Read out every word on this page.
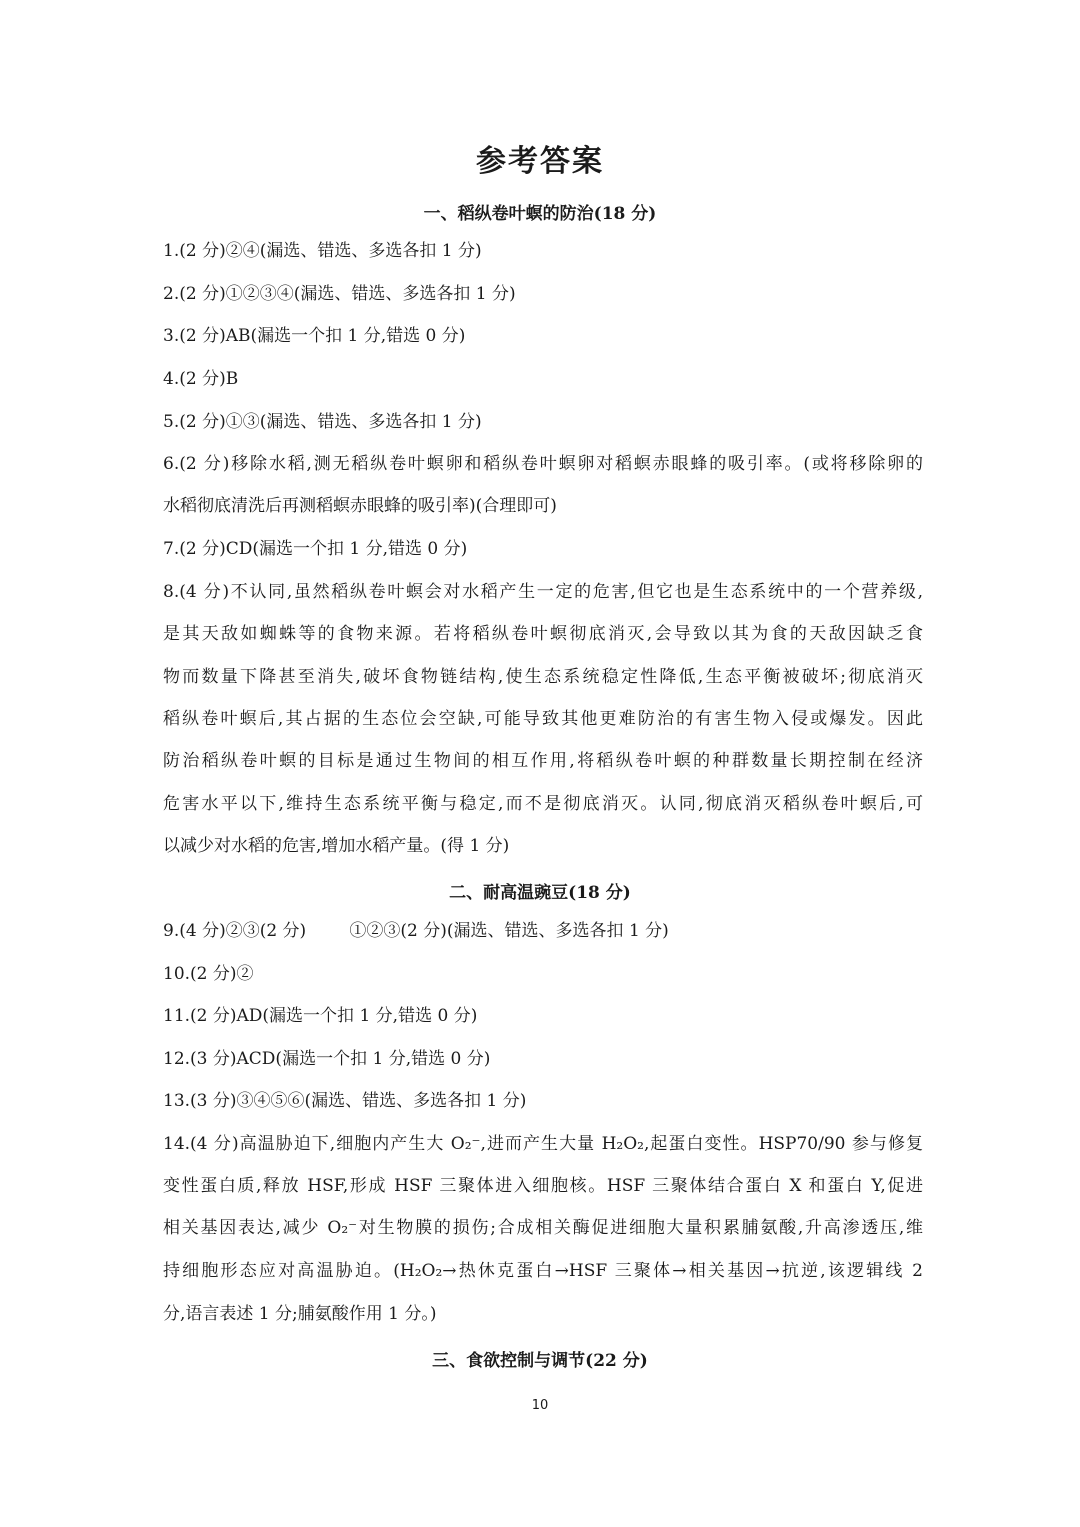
参考答案
一、稻纵卷叶螟的防治(18 分)
1.(2 分)②④(漏选、错选、多选各扣 1 分)
2.(2 分)①②③④(漏选、错选、多选各扣 1 分)
3.(2 分)AB(漏选一个扣 1 分,错选 0 分)
4.(2 分)B
5.(2 分)①③(漏选、错选、多选各扣 1 分)
6.(2 分)移除水稻,测无稻纵卷叶螟卵和稻纵卷叶螟卵对稻螟赤眼蜂的吸引率。(或将移除卵的
水稻彻底清洗后再测稻螟赤眼蜂的吸引率)(合理即可)
7.(2 分)CD(漏选一个扣 1 分,错选 0 分)
8.(4 分)不认同,虽然稻纵卷叶螟会对水稻产生一定的危害,但它也是生态系统中的一个营养级,
是其天敌如蜘蛛等的食物来源。若将稻纵卷叶螟彻底消灭,会导致以其为食的天敌因缺乏食
物而数量下降甚至消失,破坏食物链结构,使生态系统稳定性降低,生态平衡被破坏;彻底消灭
稻纵卷叶螟后,其占据的生态位会空缺,可能导致其他更难防治的有害生物入侵或爆发。因此
防治稻纵卷叶螟的目标是通过生物间的相互作用,将稻纵卷叶螟的种群数量长期控制在经济
危害水平以下,维持生态系统平衡与稳定,而不是彻底消灭。认同,彻底消灭稻纵卷叶螟后,可
以减少对水稻的危害,增加水稻产量。(得 1 分)
二、耐高温豌豆(18 分)
9.(4 分)②③(2 分)        ①②③(2 分)(漏选、错选、多选各扣 1 分)
10.(2 分)②
11.(2 分)AD(漏选一个扣 1 分,错选 0 分)
12.(3 分)ACD(漏选一个扣 1 分,错选 0 分)
13.(3 分)③④⑤⑥(漏选、错选、多选各扣 1 分)
14.(4 分)高温胁迫下,细胞内产生大 O₂⁻,进而产生大量 H₂O₂,起蛋白变性。HSP70/90 参与修复
变性蛋白质,释放 HSF,形成 HSF 三聚体进入细胞核。HSF 三聚体结合蛋白 X 和蛋白 Y,促进
相关基因表达,减少 O₂⁻对生物膜的损伤;合成相关酶促进细胞大量积累脯氨酸,升高渗透压,维
持细胞形态应对高温胁迫。(H₂O₂→热休克蛋白→HSF 三聚体→相关基因→抗逆,该逻辑线 2
分,语言表述 1 分;脯氨酸作用 1 分。)
三、食欲控制与调节(22 分)
10
